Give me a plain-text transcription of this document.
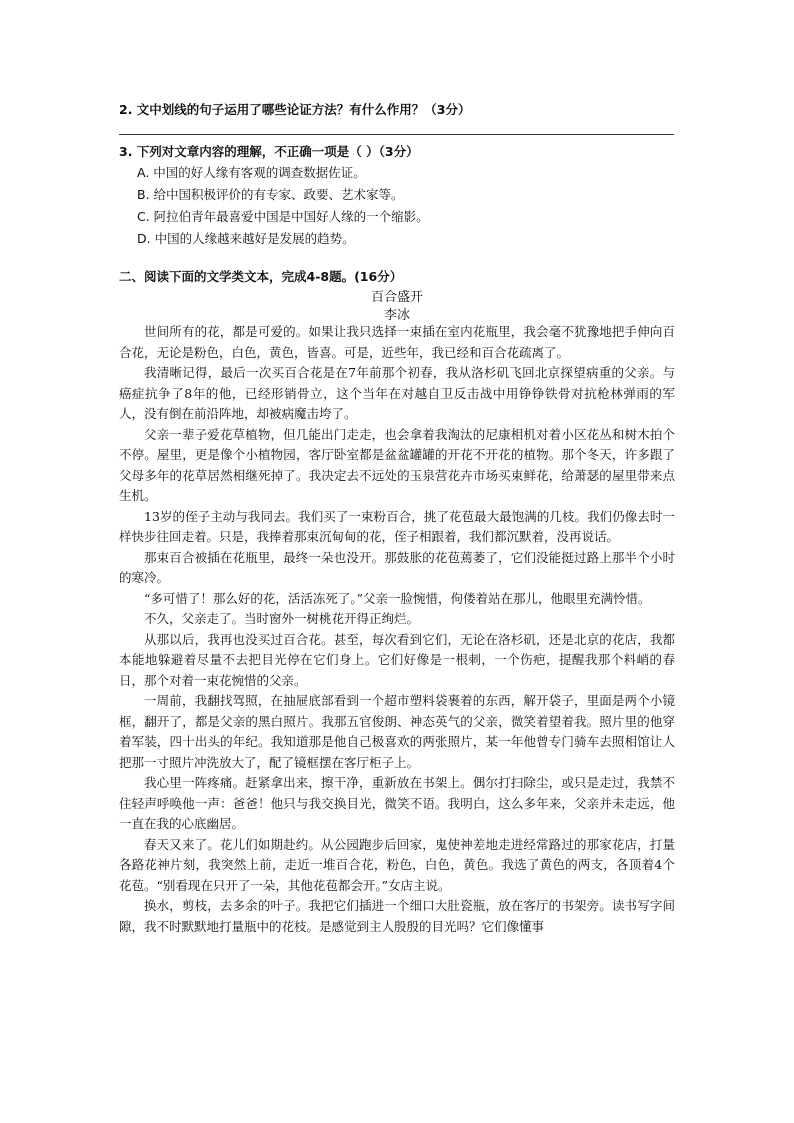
2. 文中划线的句子运用了哪些论证方法？有什么作用？（3分）
3. 下列对文章内容的理解，不正确一项是（ ）（3分）
A. 中国的好人缘有客观的调查数据佐证。
B. 给中国积极评价的有专家、政要、艺术家等。
C. 阿拉伯青年最喜爱中国是中国好人缘的一个缩影。
D. 中国的人缘越来越好是发展的趋势。
二、阅读下面的文学类文本，完成4-8题。(16分）
百合盛开
李冰

世间所有的花，都是可爱的。如果让我只选择一束插在室内花瓶里，我会毫不犹豫地把手伸向百合花，无论是粉色，白色，黄色，皆喜。可是，近些年，我已经和百合花疏离了。

我清晰记得，最后一次买百合花是在7年前那个初春，我从洛杉矶飞回北京探望病重的父亲。与癌症抗争了8年的他，已经形销骨立，这个当年在对越自卫反击战中用铮铮铁骨对抗枪林弹雨的军人，没有倒在前沿阵地，却被病魔击垮了。

父亲一辈子爱花草植物，但几能出门走走，也会拿着我淘汰的尼康相机对着小区花丛和树木拍个不停。屋里，更是像个小植物园，客厅卧室都是盆盆罐罐的开花不开花的植物。那个冬天，许多跟了父母多年的花草居然相继死掉了。我决定去不远处的玉泉营花卉市场买束鲜花，给萧瑟的屋里带来点生机。

13岁的侄子主动与我同去。我们买了一束粉百合，挑了花苞最大最饱满的几枝。我们仍像去时一样快步往回走着。只是，我捧着那束沉甸甸的花，侄子相跟着，我们都沉默着，没再说话。

那束百合被插在花瓶里，最终一朵也没开。那鼓胀的花苞蔫萎了，它们没能挺过路上那半个小时的寒冷。

“多可惜了！那么好的花，活活冻死了。”父亲一脸惋惜，佝偻着站在那儿，他眼里充满怜惜。

不久，父亲走了。当时窗外一树桃花开得正绚烂。

从那以后，我再也没买过百合花。甚至，每次看到它们，无论在洛杉矶，还是北京的花店，我都本能地躲避着尽量不去把目光停在它们身上。它们好像是一根刺，一个伤疤，提醒我那个料峭的春日，那个对着一束花惋惜的父亲。

一周前，我翻找驾照，在抽屉底部看到一个超市塑料袋裹着的东西，解开袋子，里面是两个小镜框，翻开了，都是父亲的黑白照片。我那五官俊朗、神态英气的父亲，微笑着望着我。照片里的他穿着军装，四十出头的年纪。我知道那是他自己极喜欢的两张照片，某一年他曾专门骑车去照相馆让人把那一寸照片冲洗放大了，配了镜框摆在客厅柜子上。

我心里一阵疼痛。赶紧拿出来，擦干净，重新放在书架上。偶尔打扫除尘，或只是走过，我禁不住轻声呼唤他一声：爸爸！他只与我交换目光，微笑不语。我明白，这么多年来，父亲并未走远，他一直在我的心底幽居。

春天又来了。花儿们如期赴约。从公园跑步后回家，鬼使神差地走进经常路过的那家花店，打量各路花神片刻，我突然上前，走近一堆百合花，粉色，白色，黄色。我选了黄色的两支，各顶着4个花苞。“别看现在只开了一朵，其他花苞都会开。”女店主说。

换水，剪枝，去多余的叶子。我把它们插进一个细口大肚瓷瓶，放在客厅的书架旁。读书写字间隙，我不时默默地打量瓶中的花枝。是感觉到主人殷殷的目光吗？它们像懂事
